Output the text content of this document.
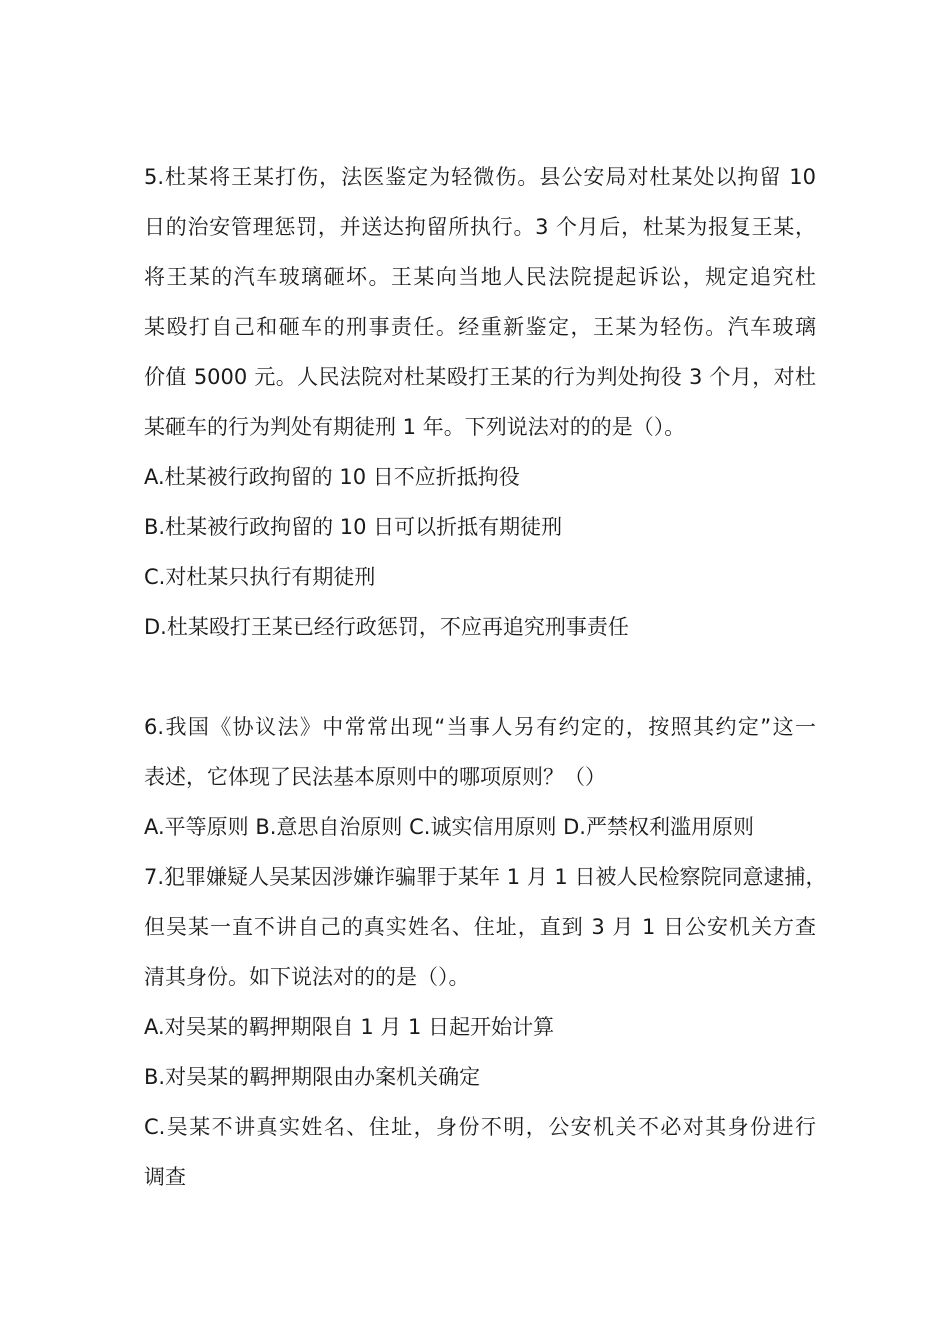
5.杜某将王某打伤，法医鉴定为轻微伤。县公安局对杜某处以拘留 10
日的治安管理惩罚，并送达拘留所执行。3 个月后，杜某为报复王某，
将王某的汽车玻璃砸坏。王某向当地人民法院提起诉讼，规定追究杜
某殴打自己和砸车的刑事责任。经重新鉴定，王某为轻伤。汽车玻璃
价值 5000 元。人民法院对杜某殴打王某的行为判处拘役 3 个月，对杜
某砸车的行为判处有期徒刑 1 年。下列说法对的的是（）。
A.杜某被行政拘留的 10 日不应折抵拘役
B.杜某被行政拘留的 10 日可以折抵有期徒刑
C.对杜某只执行有期徒刑
D.杜某殴打王某已经行政惩罚，不应再追究刑事责任
6.我国《协议法》中常常出现“当事人另有约定的，按照其约定”这一
表述，它体现了民法基本原则中的哪项原则？（）
A.平等原则 B.意思自治原则 C.诚实信用原则 D.严禁权利滥用原则
7.犯罪嫌疑人吴某因涉嫌诈骗罪于某年 1 月 1 日被人民检察院同意逮捕，
但吴某一直不讲自己的真实姓名、住址，直到 3 月 1 日公安机关方查
清其身份。如下说法对的的是（）。
A.对吴某的羁押期限自 1 月 1 日起开始计算
B.对吴某的羁押期限由办案机关确定
C.吴某不讲真实姓名、住址，身份不明，公安机关不必对其身份进行
调查
